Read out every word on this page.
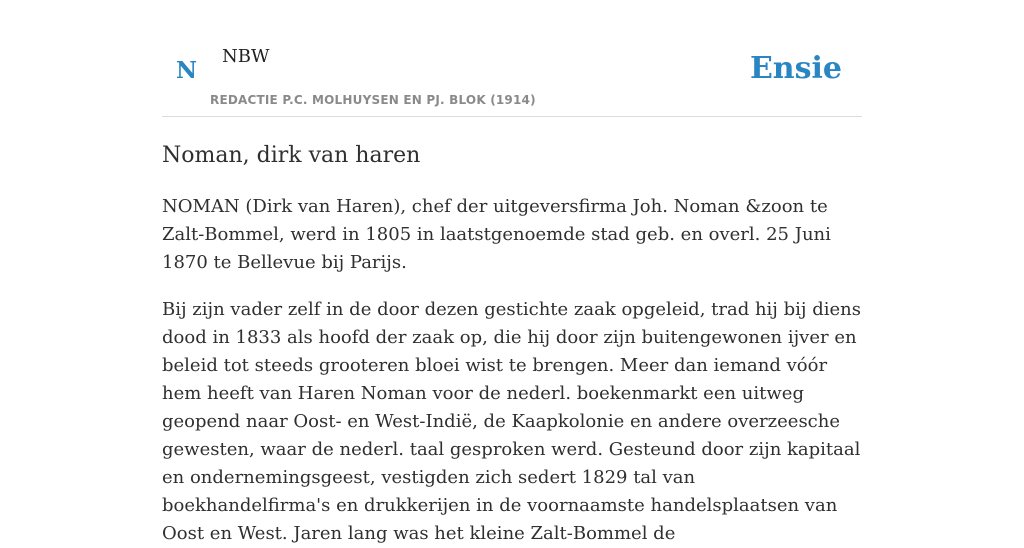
N
NBW
REDACTIE P.C. MOLHUYSEN EN PJ. BLOK (1914)
Ensie
Noman, dirk van haren

NOMAN (Dirk van Haren), chef der uitgeversfirma Joh. Noman &zoon te Zalt-Bommel, werd in 1805 in laatstgenoemde stad geb. en overl. 25 Juni 1870 te Bellevue bij Parijs.

Bij zijn vader zelf in de door dezen gestichte zaak opgeleid, trad hij bij diens dood in 1833 als hoofd der zaak op, die hij door zijn buitengewonen ijver en beleid tot steeds grooteren bloei wist te brengen. Meer dan iemand vóór hem heeft van Haren Noman voor de nederl. boekenmarkt een uitweg geopend naar Oost- en West-Indië, de Kaapkolonie en andere overzeesche gewesten, waar de nederl. taal gesproken werd. Gesteund door zijn kapitaal en ondernemingsgeest, vestigden zich sedert 1829 tal van boekhandelfirma's en drukkerijen in de voornaamste handelsplaatsen van Oost en West. Jaren lang was het kleine Zalt-Bommel de
